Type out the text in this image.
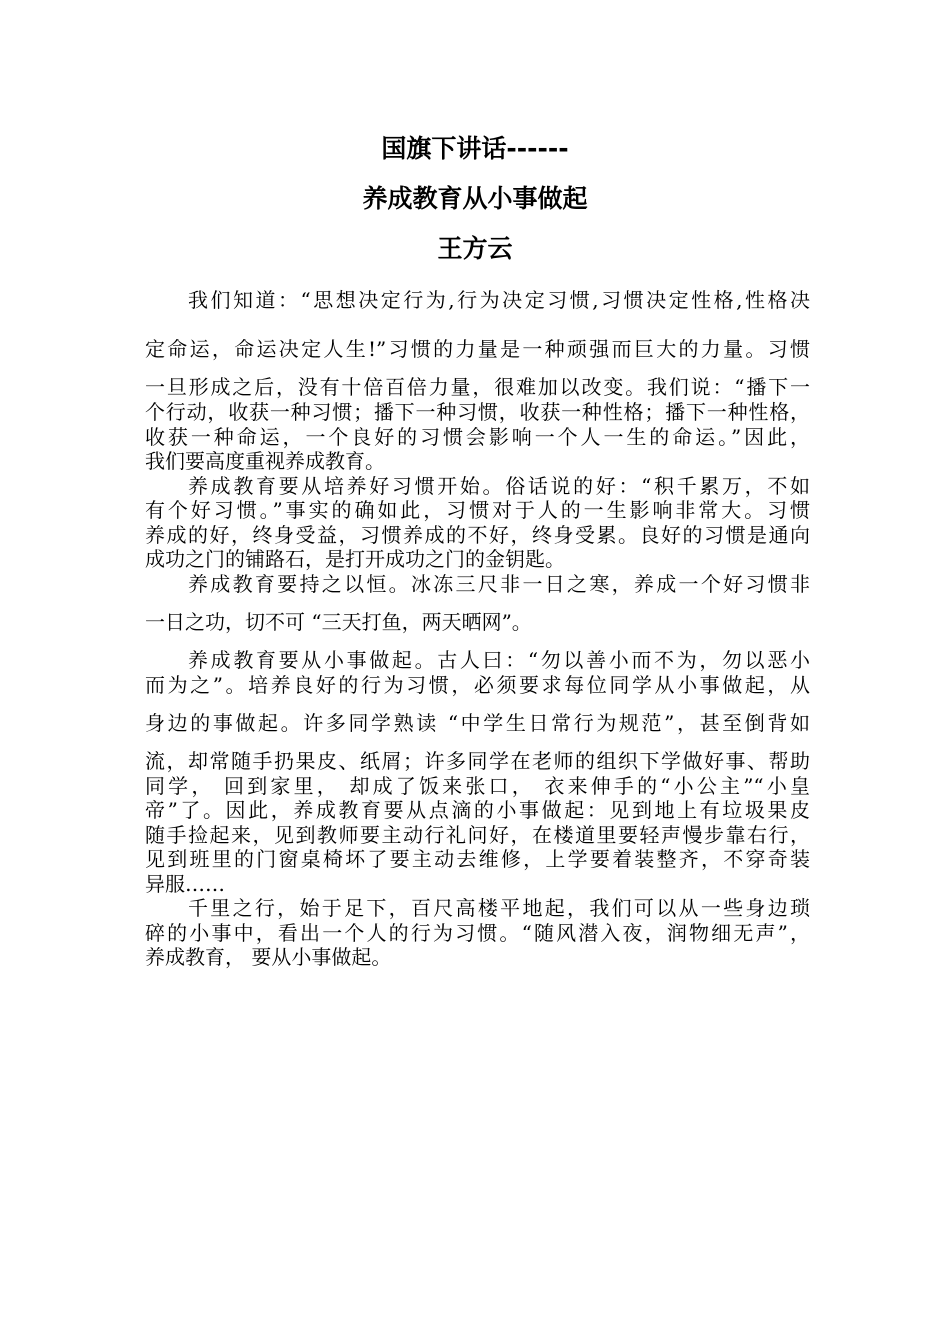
国旗下讲话------
养成教育从小事做起
王方云
我们知道：“思想决定行为,行为决定习惯,习惯决定性格,性格决
定命运，命运决定人生!”习惯的力量是一种顽强而巨大的力量。习惯
一旦形成之后，没有十倍百倍力量，很难加以改变。我们说：“播下一
个行动，收获一种习惯；播下一种习惯，收获一种性格；播下一种性格，
收获一种命运，一个良好的习惯会影响一个人一生的命运。”因此，
我们要高度重视养成教育。
养成教育要从培养好习惯开始。俗话说的好：“积千累万，不如
有个好习惯。”事实的确如此，习惯对于人的一生影响非常大。习惯
养成的好，终身受益，习惯养成的不好，终身受累。良好的习惯是通向
成功之门的铺路石，是打开成功之门的金钥匙。
养成教育要持之以恒。冰冻三尺非一日之寒，养成一个好习惯非
一日之功，切不可 “三天打鱼，两天晒网”。
养成教育要从小事做起。古人曰：“勿以善小而不为，勿以恶小
而为之”。培养良好的行为习惯，必须要求每位同学从小事做起，从
身边的事做起。许多同学熟读 “中学生日常行为规范”，甚至倒背如
流，却常随手扔果皮、纸屑；许多同学在老师的组织下学做好事、帮助
同学， 回到家里， 却成了饭来张口， 衣来伸手的“小公主”“小皇
帝”了。因此，养成教育要从点滴的小事做起：见到地上有垃圾果皮
随手捡起来，见到教师要主动行礼问好，在楼道里要轻声慢步靠右行，
见到班里的门窗桌椅坏了要主动去维修，上学要着装整齐，不穿奇装
异服……
千里之行，始于足下，百尺高楼平地起，我们可以从一些身边琐
碎的小事中，看出一个人的行为习惯。“随风潜入夜，润物细无声”，
养成教育， 要从小事做起。
